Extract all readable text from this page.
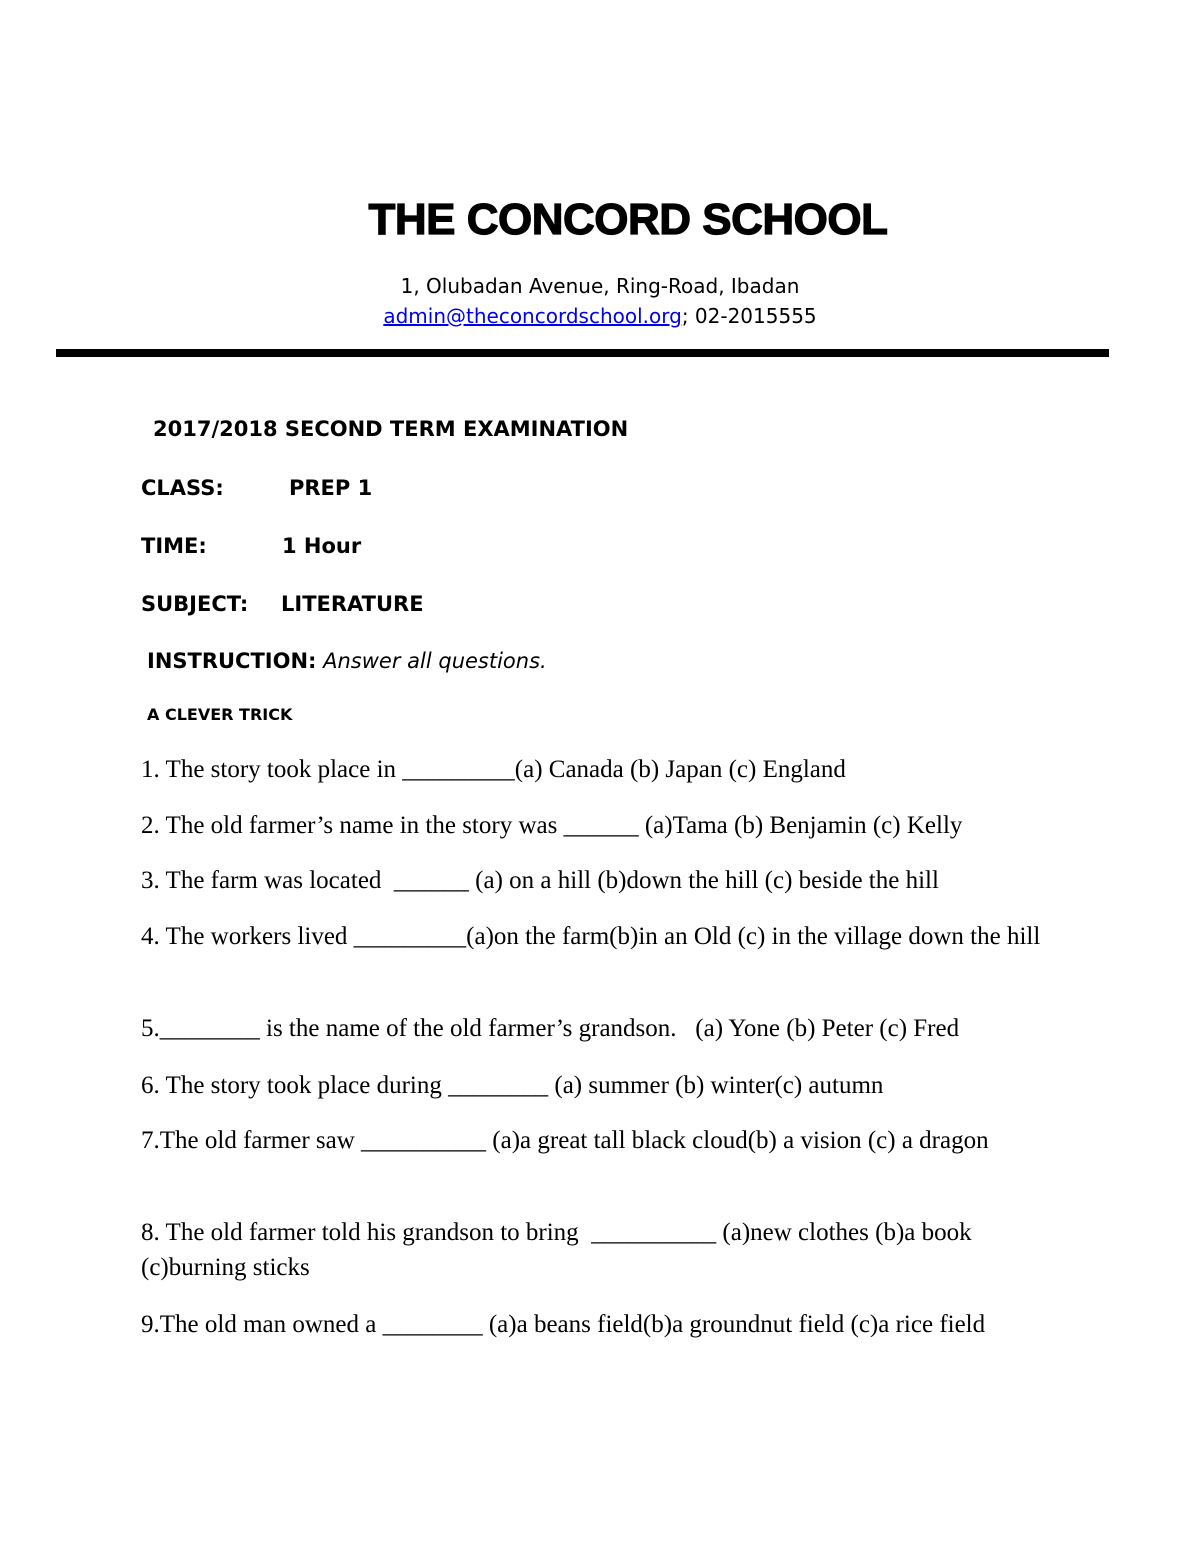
THE CONCORD SCHOOL
1, Olubadan Avenue, Ring-Road, Ibadan
admin@theconcordschool.org; 02-2015555
2017/2018 SECOND TERM EXAMINATION
CLASS:	PREP 1
TIME:	1 Hour
SUBJECT: LITERATURE
INSTRUCTION: Answer all questions.
A CLEVER TRICK
1. The story took place in _________(a) Canada (b) Japan (c) England
2. The old farmer’s name in the story was ______ (a)Tama (b) Benjamin (c) Kelly
3. The farm was located  ______ (a) on a hill (b)down the hill (c) beside the hill
4. The workers lived _________(a)on the farm(b)in an Old (c) in the village down the hill
5.________ is the name of the old farmer’s grandson.   (a) Yone (b) Peter (c) Fred
6. The story took place during ________ (a) summer (b) winter(c) autumn
7.The old farmer saw __________ (a)a great tall black cloud(b) a vision (c) a dragon
8. The old farmer told his grandson to bring  __________ (a)new clothes (b)a book (c)burning sticks
9.The old man owned a ________ (a)a beans field(b)a groundnut field (c)a rice field
